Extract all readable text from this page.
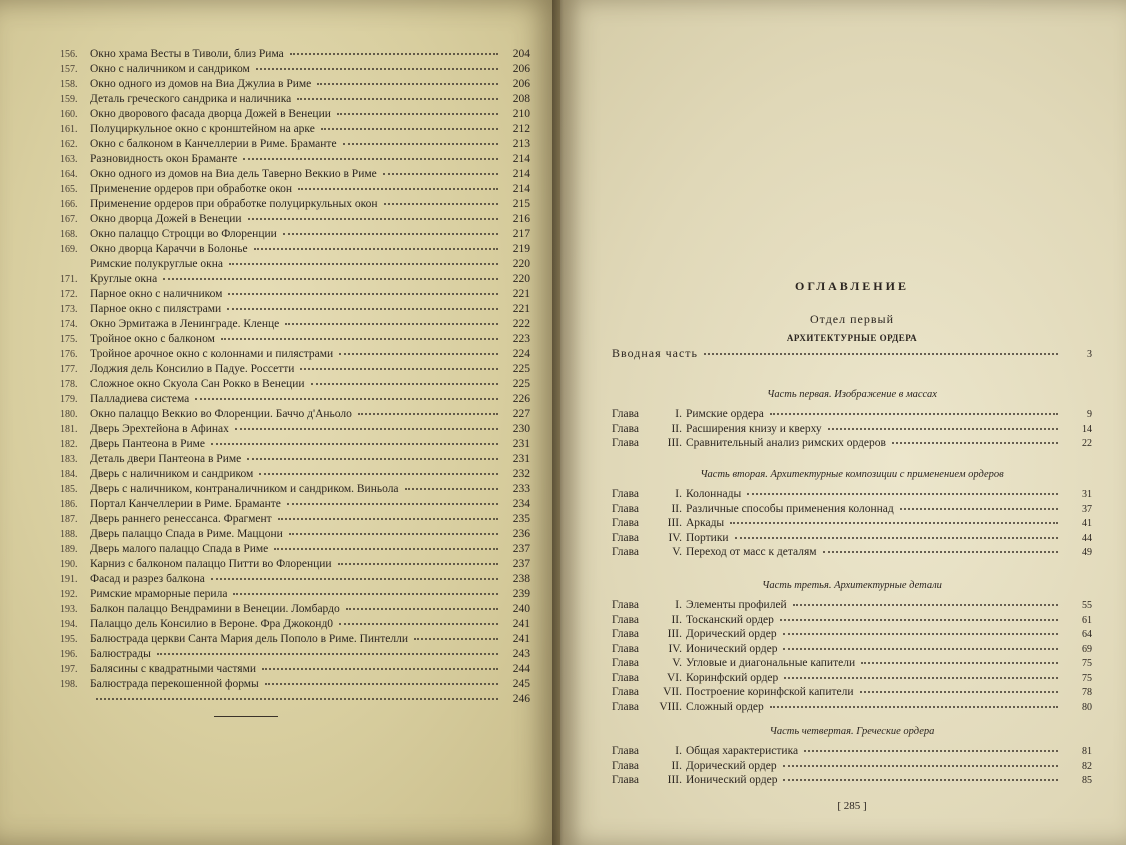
156.	Окно храма Весты в Тиволи, близ Рима	204
157.	Окно с наличником и сандриком	206
158.	Окно одного из домов на Виа Джулиа в Риме	206
159.	Деталь греческого сандрика и наличника	208
160.	Окно дворового фасада дворца Дожей в Венеции	210
161.	Полуциркульное окно с кронштейном на арке	212
162.	Окно с балконом в Канчеллерии в Риме. Браманте	213
163.	Разновидность окон Браманте	214
164.	Окно одного из домов на Виа дель Таверно Веккио в Риме	214
165.	Применение ордеров при обработке окон	214
166.	Применение ордеров при обработке полуциркульных окон	215
167.	Окно дворца Дожей в Венеции	216
168.	Окно палаццо Строцци во Флоренции	217
169.	Окно дворца Караччи в Болонье	219
Римские полукруглые окна	220
171.	Круглые окна	220
172.	Парное окно с наличником	221
173.	Парное окно с пилястрами	221
174.	Окно Эрмитажа в Ленинграде. Кленце	222
175.	Тройное окно с балконом	223
176.	Тройное арочное окно с колоннами и пилястрами	224
177.	Лоджия дель Консилио в Падуе. Россетти	225
178.	Сложное окно Скуола Сан Рокко в Венеции	225
179.	Палладиева система	226
180.	Окно палаццо Веккио во Флоренции. Баччо д'Аньоло	227
181.	Дверь Эрехтейона в Афинах	230
182.	Дверь Пантеона в Риме	231
183.	Деталь двери Пантеона в Риме	231
184.	Дверь с наличником и сандриком	232
185.	Дверь с наличником, контраналичником и сандриком. Виньола	233
186.	Портал Канчеллерии в Риме. Браманте	234
187.	Дверь раннего ренессанса. Фрагмент	235
188.	Дверь палаццо Спада в Риме. Маццони	236
189.	Дверь малого палаццо Спада в Риме	237
190.	Карниз с балконом палаццо Питти во Флоренции	237
191.	Фасад и разрез балкона	238
192.	Римские мраморные перила	239
193.	Балкон палаццо Вендрамини в Венеции. Ломбардо	240
194.	Палаццо дель Консилио в Вероне. Фра Джоконд0	241
195.	Балюстрада церкви Санта Мария дель Пополо в Риме. Пинтелли	241
196.	Балюстрады	243
197.	Балясины с квадратными частями	244
198.	Балюстрада перекошенной формы	245
246
ОГЛАВЛЕНИЕ
Отдел первый
АРХИТЕКТУРНЫЕ ОРДЕРА
Вводная часть	3
Часть первая. Изображение в массах
Глава	I. Римские ордера	9
Глава	II. Расширения книзу и кверху	14
Глава	III. Сравнительный анализ римских ордеров	22
Часть вторая. Архитектурные композиции с применением ордеров
Глава	I. Колоннады	31
Глава	II. Различные способы применения колоннад	37
Глава	III. Аркады	41
Глава	IV. Портики	44
Глава	V. Переход от масс к деталям	49
Часть третья. Архитектурные детали
Глава	I. Элементы профилей	55
Глава	II. Тосканский ордер	61
Глава	III. Дорический ордер	64
Глава	IV. Ионический ордер	69
Глава	V. Угловые и диагональные капители	75
Глава	VI. Коринфский ордер	75
Глава	VII. Построение коринфской капители	78
Глава	VIII. Сложный ордер	80
Часть четвертая. Греческие ордера
Глава	I. Общая характеристика	81
Глава	II. Дорический ордер	82
Глава	III. Ионический ордер	85
[ 285 ]
